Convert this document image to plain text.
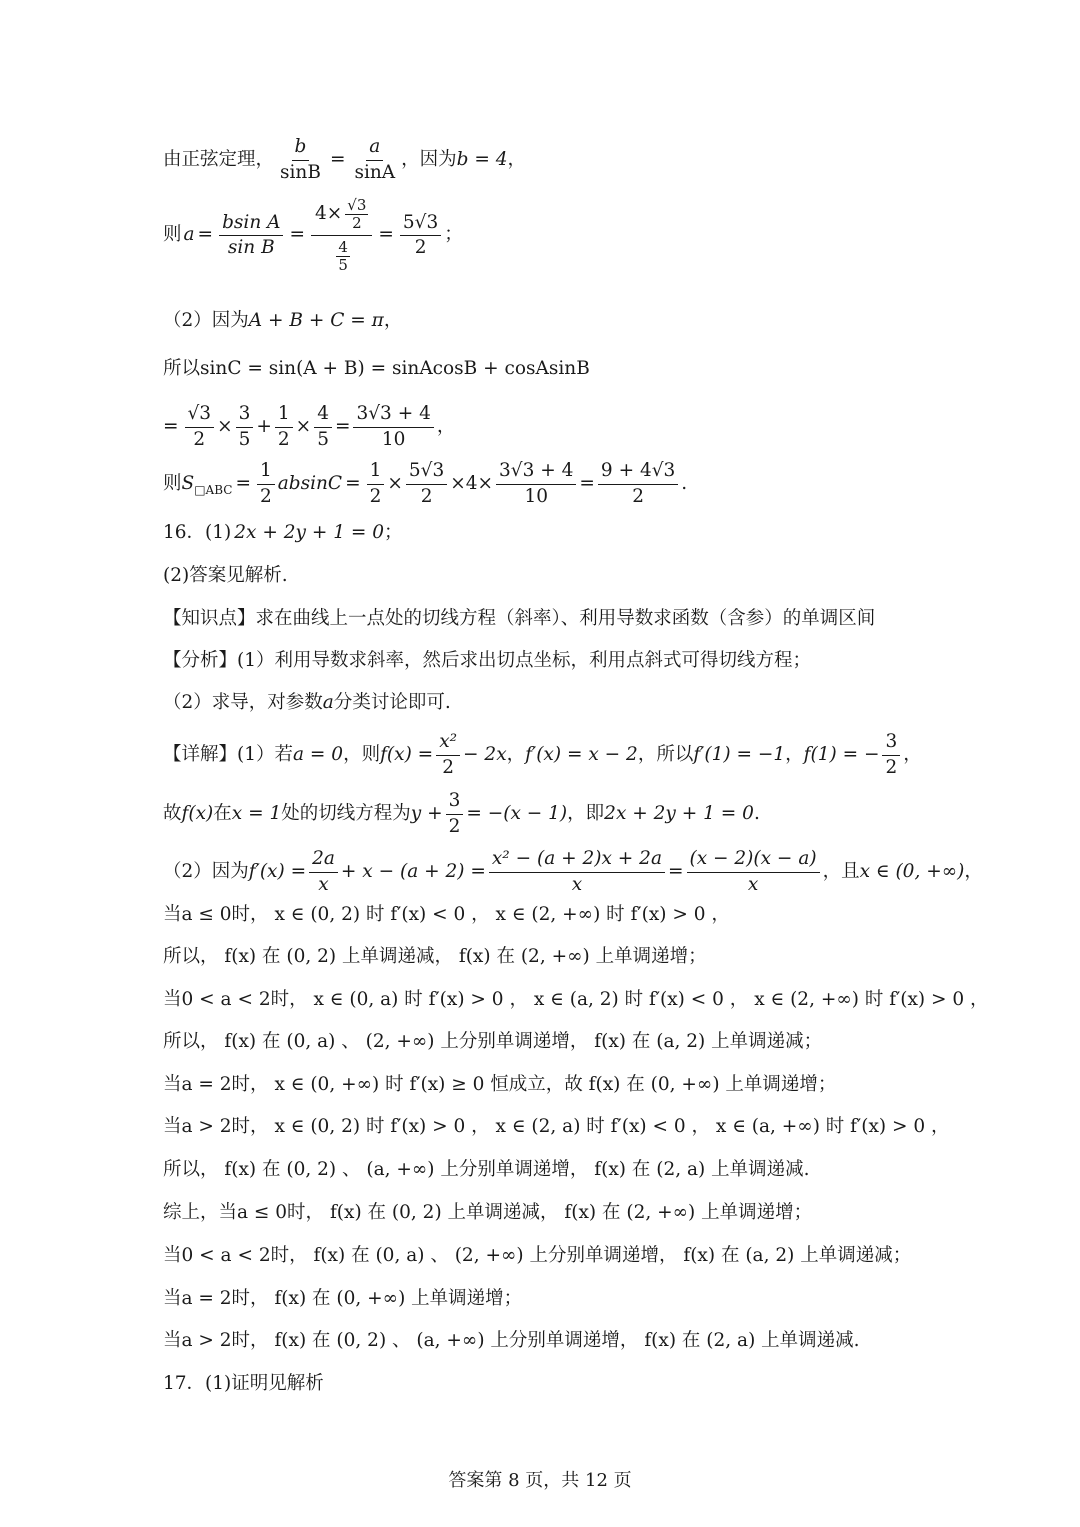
由正弦定理， $\frac{b}{\sin B} = \frac{a}{\sin A}$ ，因为 b = 4 ，
则 $a = \frac{\text{bsin A}}{\text{sin B}} = \frac{4\times \frac{√3}{2}}{\frac{4}{5}} = \frac{5√3}{2}$ ；
（2）因为 A + B + C = π ，
所以 sinC = sin(A + B) = sinAcosB + cosAsinB
= $\frac{√3}{2} \times \frac{3}{5} + \frac{1}{2} \times \frac{4}{5} = \frac{3√3 + 4}{10}$ ，
则 S □ABC = $\frac{1}{2}$ $absinC = \frac{1}{2} \times \frac{5√3}{2} \times 4\times \frac{3√3 + 4}{10} = \frac{9 + 4√3}{2}$ .
16．(1) 2x + 2y + 1 = 0 ；
(2)答案见解析.
【知识点】求在曲线上一点处的切线方程（斜率）、利用导数求函数（含参）的单调区间
【分析】(1）利用导数求斜率，然后求出切点坐标，利用点斜式可得切线方程；
（2）求导，对参数 a 分类讨论即可.
【详解】(1）若 a = 0 ，则 $f(x) = \frac{\text{x²}}{2} - 2x$ ， f′(x) = x − 2 ，所以 f′(1) = −1 ， f(1) = − $\frac{3}{2}$ ，
故 f(x) 在 x = 1 处的切线方程为 $y + \frac{3}{2} = -(x - 1)$ ，即 2x + 2y + 1 = 0 .
（2）因为 $f'(x) = \frac{2a}{x} + x - (a + 2) = \frac{\text{x² − (a + 2)x + 2a}}{x} = \frac{(x - 2)(x - a)}{x}$ ，且 x ∈ (0, +∞) ，
当a ≤ 0时， x ∈ (0, 2) 时 f′(x) < 0 ， x ∈ (2, +∞) 时 f′(x) > 0 ，
所以， f(x) 在 (0, 2) 上单调递减， f(x) 在 (2, +∞) 上单调递增；
当0 < a < 2时， x ∈ (0, a) 时 f′(x) > 0 ， x ∈ (a, 2) 时 f′(x) < 0 ， x ∈ (2, +∞) 时 f′(x) > 0 ，
所以， f(x) 在 (0, a) 、 (2, +∞) 上分别单调递增， f(x) 在 (a, 2) 上单调递减；
当a = 2时， x ∈ (0, +∞) 时 f′(x) ≥ 0 恒成立，故 f(x) 在 (0, +∞) 上单调递增；
当a > 2时， x ∈ (0, 2) 时 f′(x) > 0 ， x ∈ (2, a) 时 f′(x) < 0 ， x ∈ (a, +∞) 时 f′(x) > 0 ，
所以， f(x) 在 (0, 2) 、 (a, +∞) 上分别单调递增， f(x) 在 (2, a) 上单调递减.
综上，当a ≤ 0时， f(x) 在 (0, 2) 上单调递减， f(x) 在 (2, +∞) 上单调递增；
当0 < a < 2时， f(x) 在 (0, a) 、 (2, +∞) 上分别单调递增， f(x) 在 (a, 2) 上单调递减；
当a = 2时， f(x) 在 (0, +∞) 上单调递增；
当a > 2时， f(x) 在 (0, 2) 、 (a, +∞) 上分别单调递增， f(x) 在 (2, a) 上单调递减.
17．(1)证明见解析
答案第 8 页，共 12 页
